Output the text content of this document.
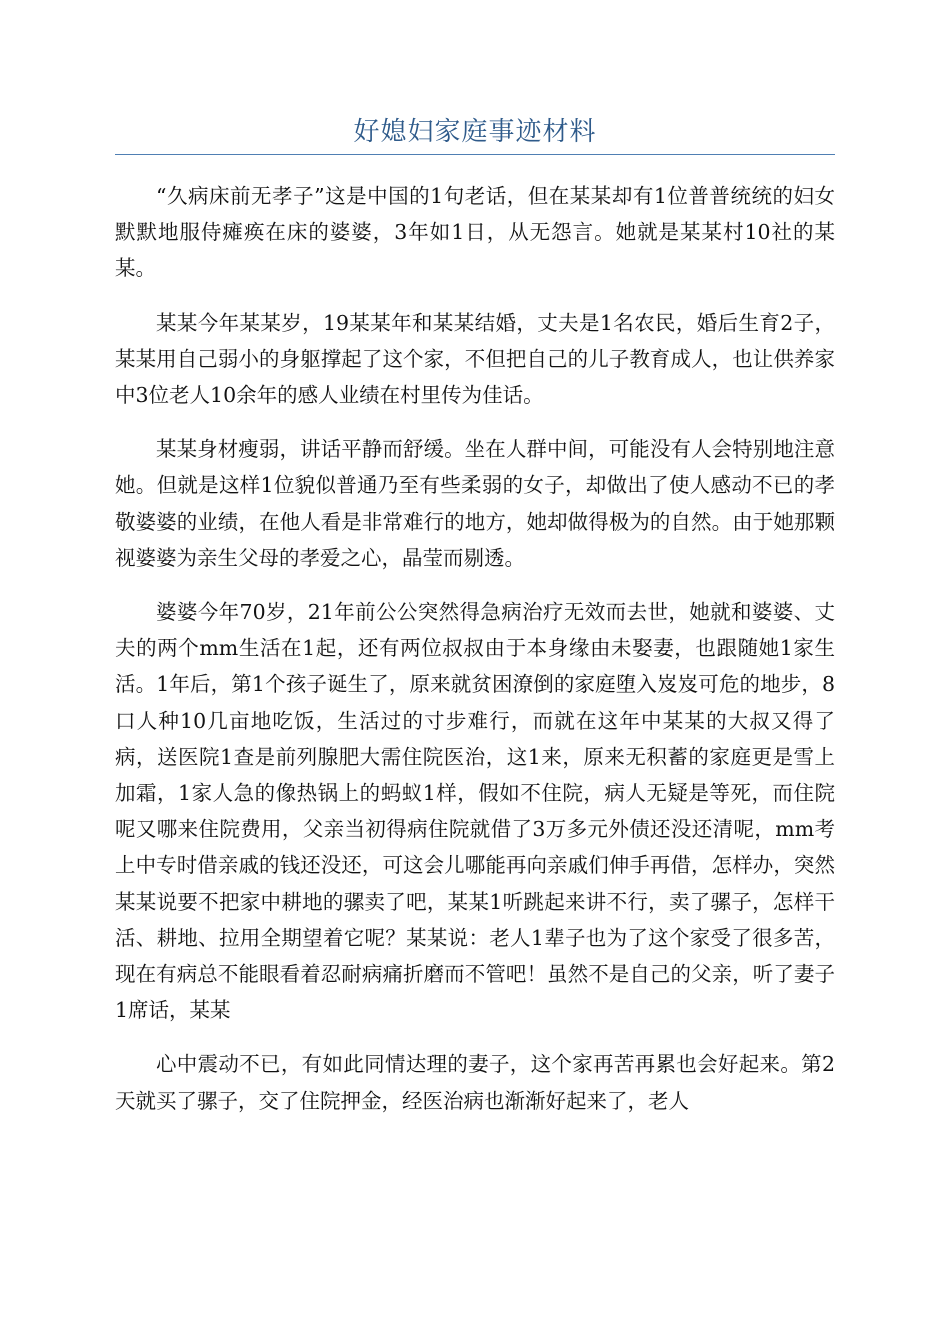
好媳妇家庭事迹材料

“久病床前无孝子”这是中国的1句老话，但在某某却有1位普普统统的妇女默默地服侍瘫痪在床的婆婆，3年如1日，从无怨言。她就是某某村10社的某某。

某某今年某某岁，19某某年和某某结婚，丈夫是1名农民，婚后生育2子，某某用自己弱小的身躯撑起了这个家，不但把自己的儿子教育成人，也让供养家中3位老人10余年的感人业绩在村里传为佳话。

某某身材瘦弱，讲话平静而舒缓。坐在人群中间，可能没有人会特别地注意她。但就是这样1位貌似普通乃至有些柔弱的女子，却做出了使人感动不已的孝敬婆婆的业绩，在他人看是非常难行的地方，她却做得极为的自然。由于她那颗视婆婆为亲生父母的孝爱之心，晶莹而剔透。

婆婆今年70岁，21年前公公突然得急病治疗无效而去世，她就和婆婆、丈夫的两个mm生活在1起，还有两位叔叔由于本身缘由未娶妻，也跟随她1家生活。1年后，第1个孩子诞生了，原来就贫困潦倒的家庭堕入岌岌可危的地步，8口人种10几亩地吃饭，生活过的寸步难行，而就在这年中某某的大叔又得了病，送医院1查是前列腺肥大需住院医治，这1来，原来无积蓄的家庭更是雪上加霜，1家人急的像热锅上的蚂蚁1样，假如不住院，病人无疑是等死，而住院呢又哪来住院费用，父亲当初得病住院就借了3万多元外债还没还清呢，mm考上中专时借亲戚的钱还没还，可这会儿哪能再向亲戚们伸手再借，怎样办，突然某某说要不把家中耕地的骡卖了吧，某某1听跳起来讲不行，卖了骡子，怎样干活、耕地、拉用全期望着它呢？某某说：老人1辈子也为了这个家受了很多苦，现在有病总不能眼看着忍耐病痛折磨而不管吧！虽然不是自己的父亲，听了妻子1席话，某某

心中震动不已，有如此同情达理的妻子，这个家再苦再累也会好起来。第2天就买了骡子，交了住院押金，经医治病也渐渐好起来了，老人
